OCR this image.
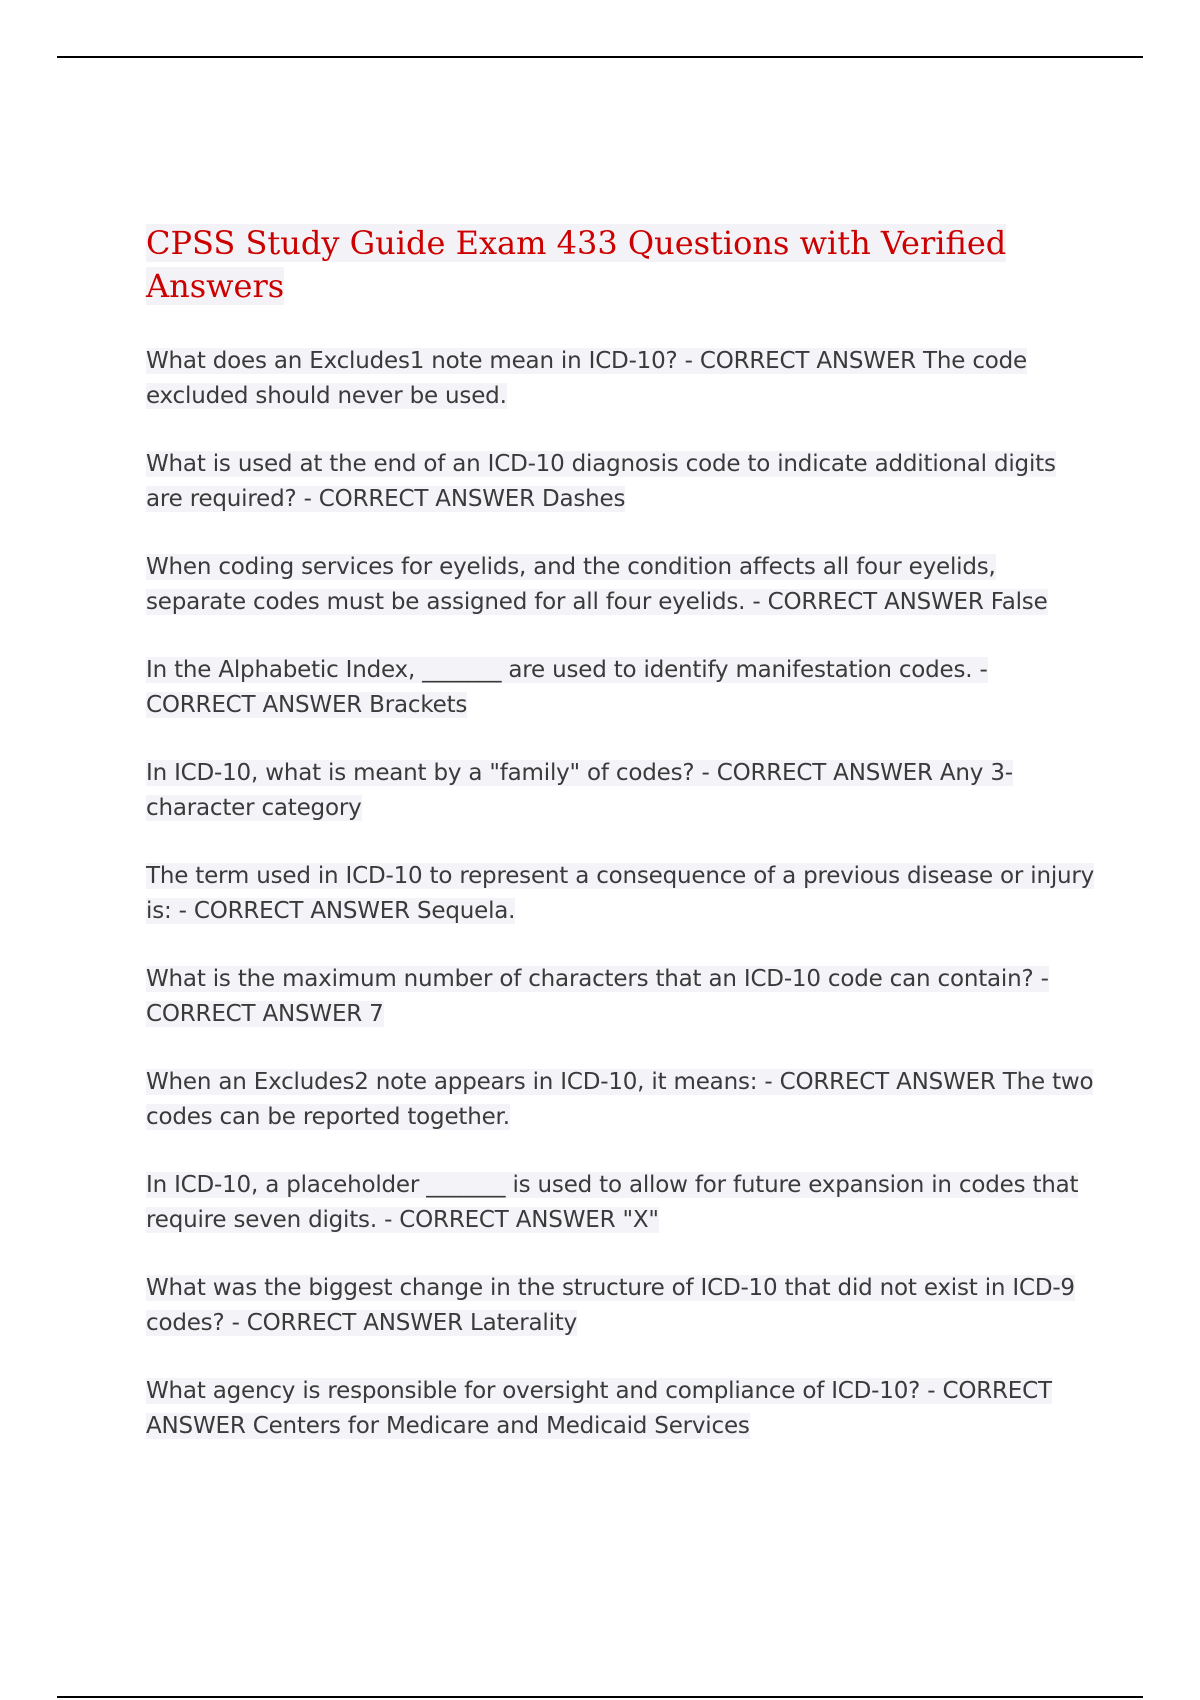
CPSS Study Guide Exam 433 Questions with Verified Answers
What does an Excludes1 note mean in ICD-10? - CORRECT ANSWER The code excluded should never be used.
What is used at the end of an ICD-10 diagnosis code to indicate additional digits are required? - CORRECT ANSWER Dashes
When coding services for eyelids, and the condition affects all four eyelids, separate codes must be assigned for all four eyelids. - CORRECT ANSWER False
In the Alphabetic Index, _______ are used to identify manifestation codes. - CORRECT ANSWER Brackets
In ICD-10, what is meant by a "family" of codes? - CORRECT ANSWER Any 3-character category
The term used in ICD-10 to represent a consequence of a previous disease or injury is: - CORRECT ANSWER Sequela.
What is the maximum number of characters that an ICD-10 code can contain? - CORRECT ANSWER 7
When an Excludes2 note appears in ICD-10, it means: - CORRECT ANSWER The two codes can be reported together.
In ICD-10, a placeholder _______ is used to allow for future expansion in codes that require seven digits. - CORRECT ANSWER "X"
What was the biggest change in the structure of ICD-10 that did not exist in ICD-9 codes? - CORRECT ANSWER Laterality
What agency is responsible for oversight and compliance of ICD-10? - CORRECT ANSWER Centers for Medicare and Medicaid Services
